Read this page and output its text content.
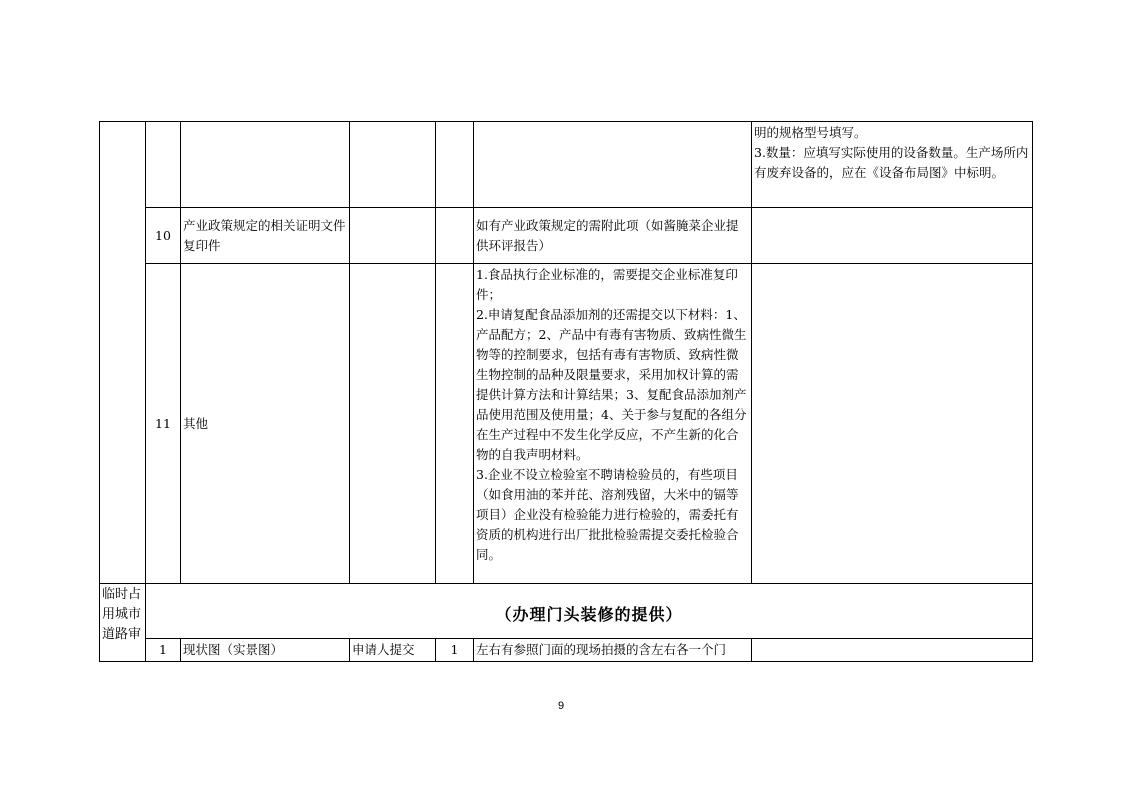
						明的规格型号填写。

3.数量：应填写实际使用的设备数量。生产场所内有废弃设备的，应在《设备布局图》中标明。

	10	产业政策规定的相关证明文件复印件			如有产业政策规定的需附此项（如酱腌菜企业提供环评报告）	
	11	其他			1.食品执行企业标准的，需要提交企业标准复印件；

2.申请复配食品添加剂的还需提交以下材料：1、产品配方；2、产品中有毒有害物质、致病性微生物等的控制要求，包括有毒有害物质、致病性微生物控制的品种及限量要求，采用加权计算的需提供计算方法和计算结果；3、复配食品添加剂产品使用范围及使用量；4、关于参与复配的各组分在生产过程中不发生化学反应，不产生新的化合物的自我声明材料。

3.企业不设立检验室不聘请检验员的，有些项目（如食用油的苯并芘、溶剂残留，大米中的镉等项目）企业没有检验能力进行检验的，需委托有资质的机构进行出厂批批检验需提交委托检验合同。	

临时占用城市道路审	（办理门头装修的提供）					
	1	现状图（实景图）	申请人提交	1	左右有参照门面的现场拍摄的含左右各一个门	
9
